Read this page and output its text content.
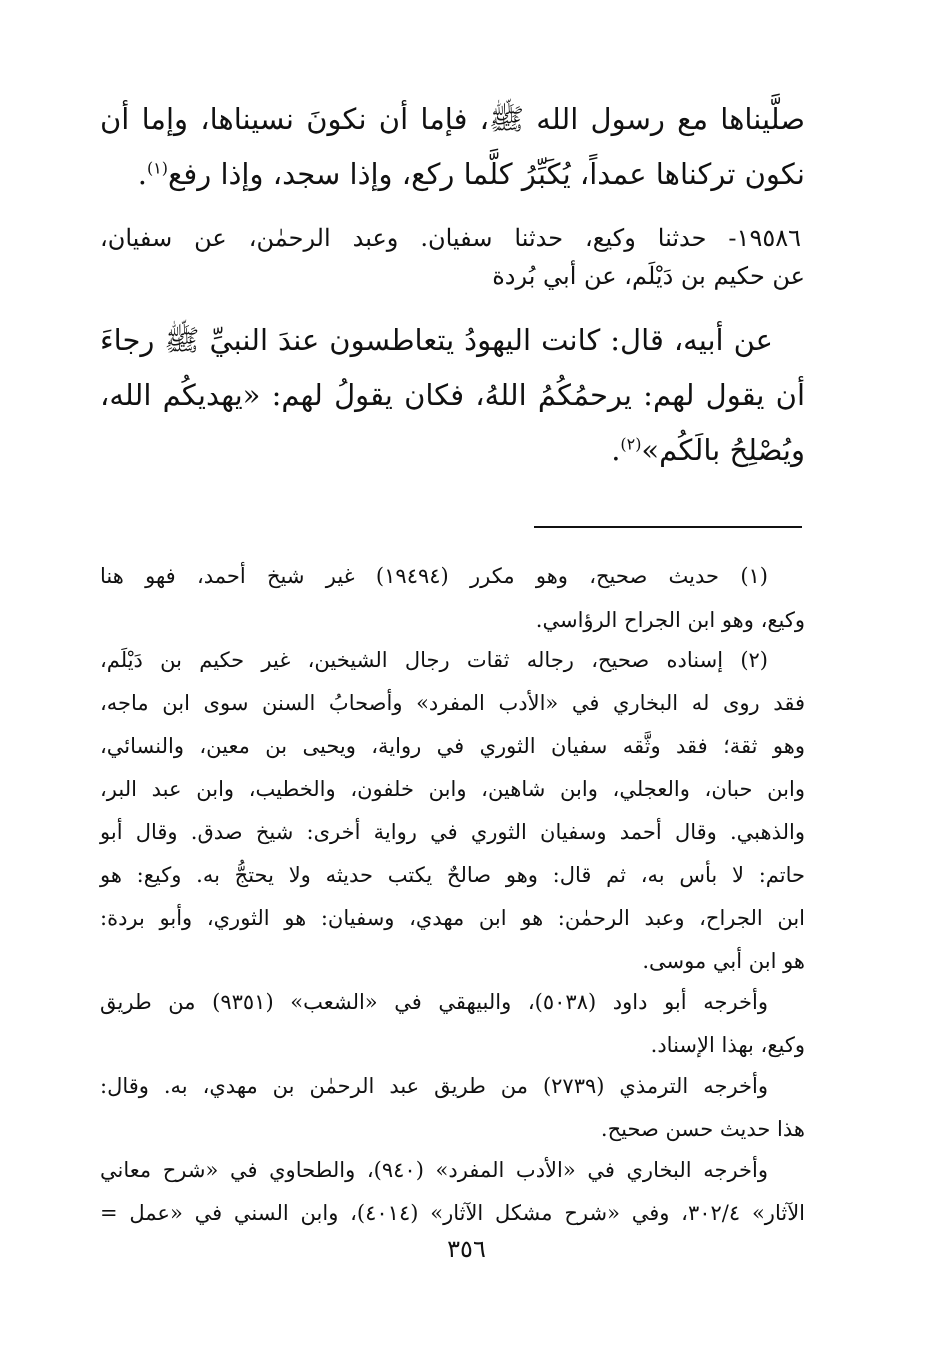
صلَّيناها مع رسول الله ﷺ، فإما أن نكونَ نسيناها، وإما أن
نكون تركناها عمداً، يُكَبِّرُ كلَّما ركع، وإذا سجد، وإذا رفع$^{(١)}$.
١٩٥٨٦- حدثنا وكيع، حدثنا سفيان. وعبد الرحمٰن، عن سفيان،
عن حكيم بن دَيْلَم، عن أبي بُردة
عن أبيه، قال: كانت اليهودُ يتعاطسون عندَ النبيِّ ﷺ رجاءَ
أن يقول لهم: يرحمُكُمُ اللهُ، فكان يقولُ لهم: «يهديكُم الله،
ويُصْلِحُ بالَكُم»$^{(٢)}$.
(١) حديث صحيح، وهو مكرر (١٩٤٩٤) غير شيخ أحمد، فهو هنا
وكيع، وهو ابن الجراح الرؤاسي.
(٢) إسناده صحيح، رجاله ثقات رجال الشيخين، غير حكيم بن دَيْلَم،
فقد روى له البخاري في «الأدب المفرد» وأصحابُ السنن سوى ابن ماجه،
وهو ثقة؛ فقد وثَّقه سفيان الثوري في رواية، ويحيى بن معين، والنسائي،
وابن حبان، والعجلي، وابن شاهين، وابن خلفون، والخطيب، وابن عبد البر،
والذهبي. وقال أحمد وسفيان الثوري في رواية أخرى: شيخ صدق. وقال أبو
حاتم: لا بأس به، ثم قال: وهو صالحٌ يكتب حديثه ولا يحتجُّ به. وكيع: هو
ابن الجراح، وعبد الرحمٰن: هو ابن مهدي، وسفيان: هو الثوري، وأبو بردة:
هو ابن أبي موسى.
وأخرجه أبو داود (٥٠٣٨)، والبيهقي في «الشعب» (٩٣٥١) من طريق
وكيع، بهذا الإسناد.
وأخرجه الترمذي (٢٧٣٩) من طريق عبد الرحمٰن بن مهدي، به. وقال:
هذا حديث حسن صحيح.
وأخرجه البخاري في «الأدب المفرد» (٩٤٠)، والطحاوي في «شرح معاني
الآثار» ٣٠٢/٤، وفي «شرح مشكل الآثار» (٤٠١٤)، وابن السني في «عمل =
٣٥٦
